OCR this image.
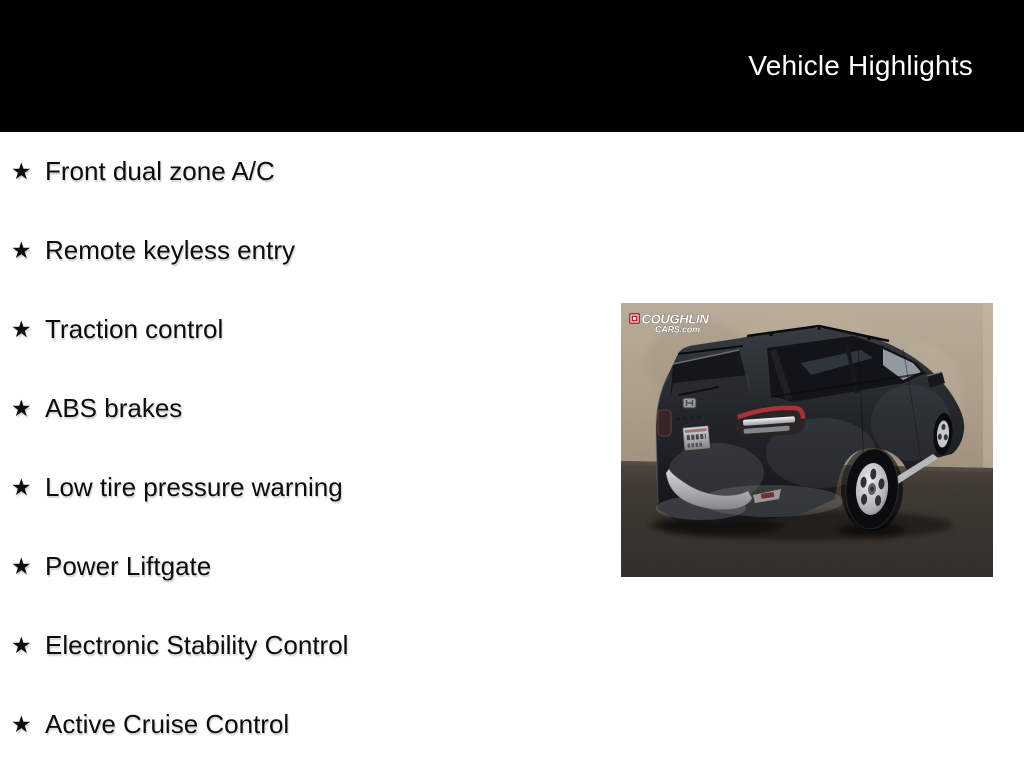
Vehicle Highlights
★ Front dual zone A/C
★ Remote keyless entry
★ Traction control
★ ABS brakes
★ Low tire pressure warning
★ Power Liftgate
★ Electronic Stability Control
★ Active Cruise Control
COUGHLIN
CARS.com
